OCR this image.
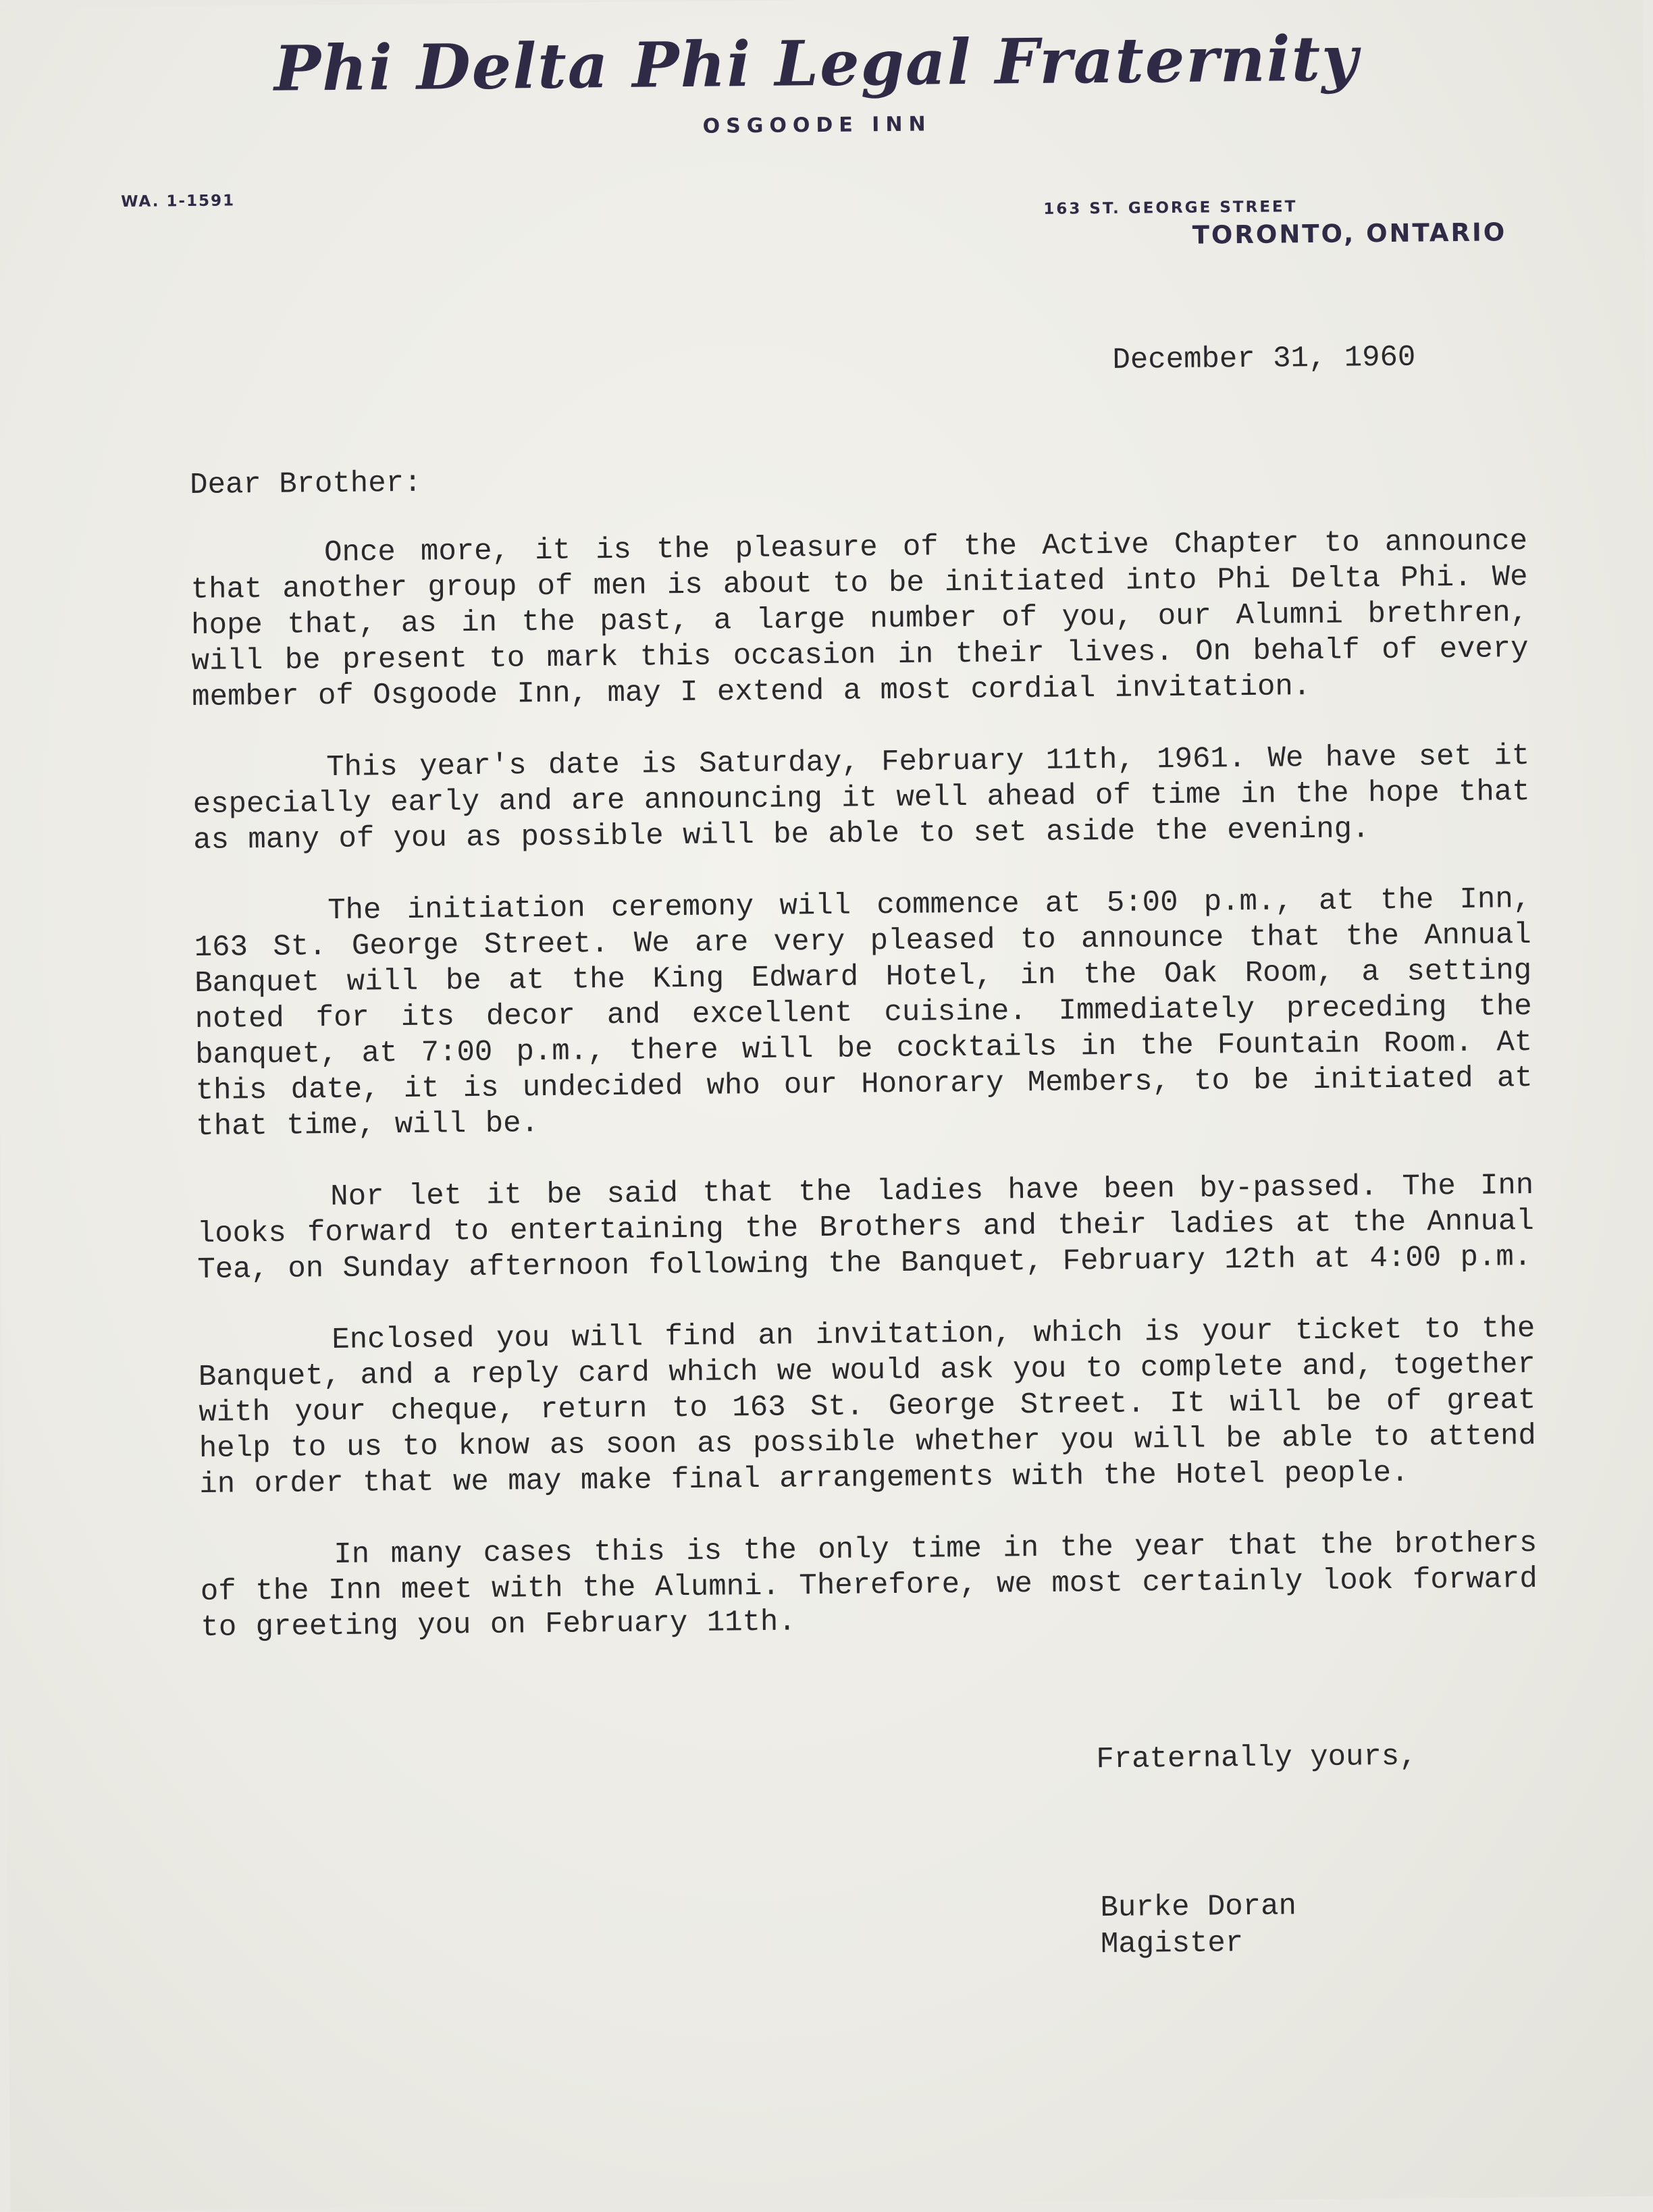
Phi Delta Phi Legal Fraternity
OSGOODE INN
WA. 1-1591	163 ST. GEORGE STREET
TORONTO, ONTARIO
December 31, 1960
Dear Brother:

Once more, it is the pleasure of the Active Chapter to announce that another group of men is about to be initiated into Phi Delta Phi. We hope that, as in the past, a large number of you, our Alumni brethren, will be present to mark this occasion in their lives. On behalf of every member of Osgoode Inn, may I extend a most cordial invitation.

This year's date is Saturday, February 11th, 1961. We have set it especially early and are announcing it well ahead of time in the hope that as many of you as possible will be able to set aside the evening.

The initiation ceremony will commence at 5:00 p.m., at the Inn, 163 St. George Street. We are very pleased to announce that the Annual Banquet will be at the King Edward Hotel, in the Oak Room, a setting noted for its decor and excellent cuisine. Immediately preceding the banquet, at 7:00 p.m., there will be cocktails in the Fountain Room. At this date, it is undecided who our Honorary Members, to be initiated at that time, will be.

Nor let it be said that the ladies have been by-passed. The Inn looks forward to entertaining the Brothers and their ladies at the Annual Tea, on Sunday afternoon following the Banquet, February 12th at 4:00 p.m.

Enclosed you will find an invitation, which is your ticket to the Banquet, and a reply card which we would ask you to complete and, together with your cheque, return to 163 St. George Street. It will be of great help to us to know as soon as possible whether you will be able to attend in order that we may make final arrangements with the Hotel people.

In many cases this is the only time in the year that the brothers of the Inn meet with the Alumni. Therefore, we most certainly look forward to greeting you on February 11th.

Fraternally yours,
Burke Doran
Magister
